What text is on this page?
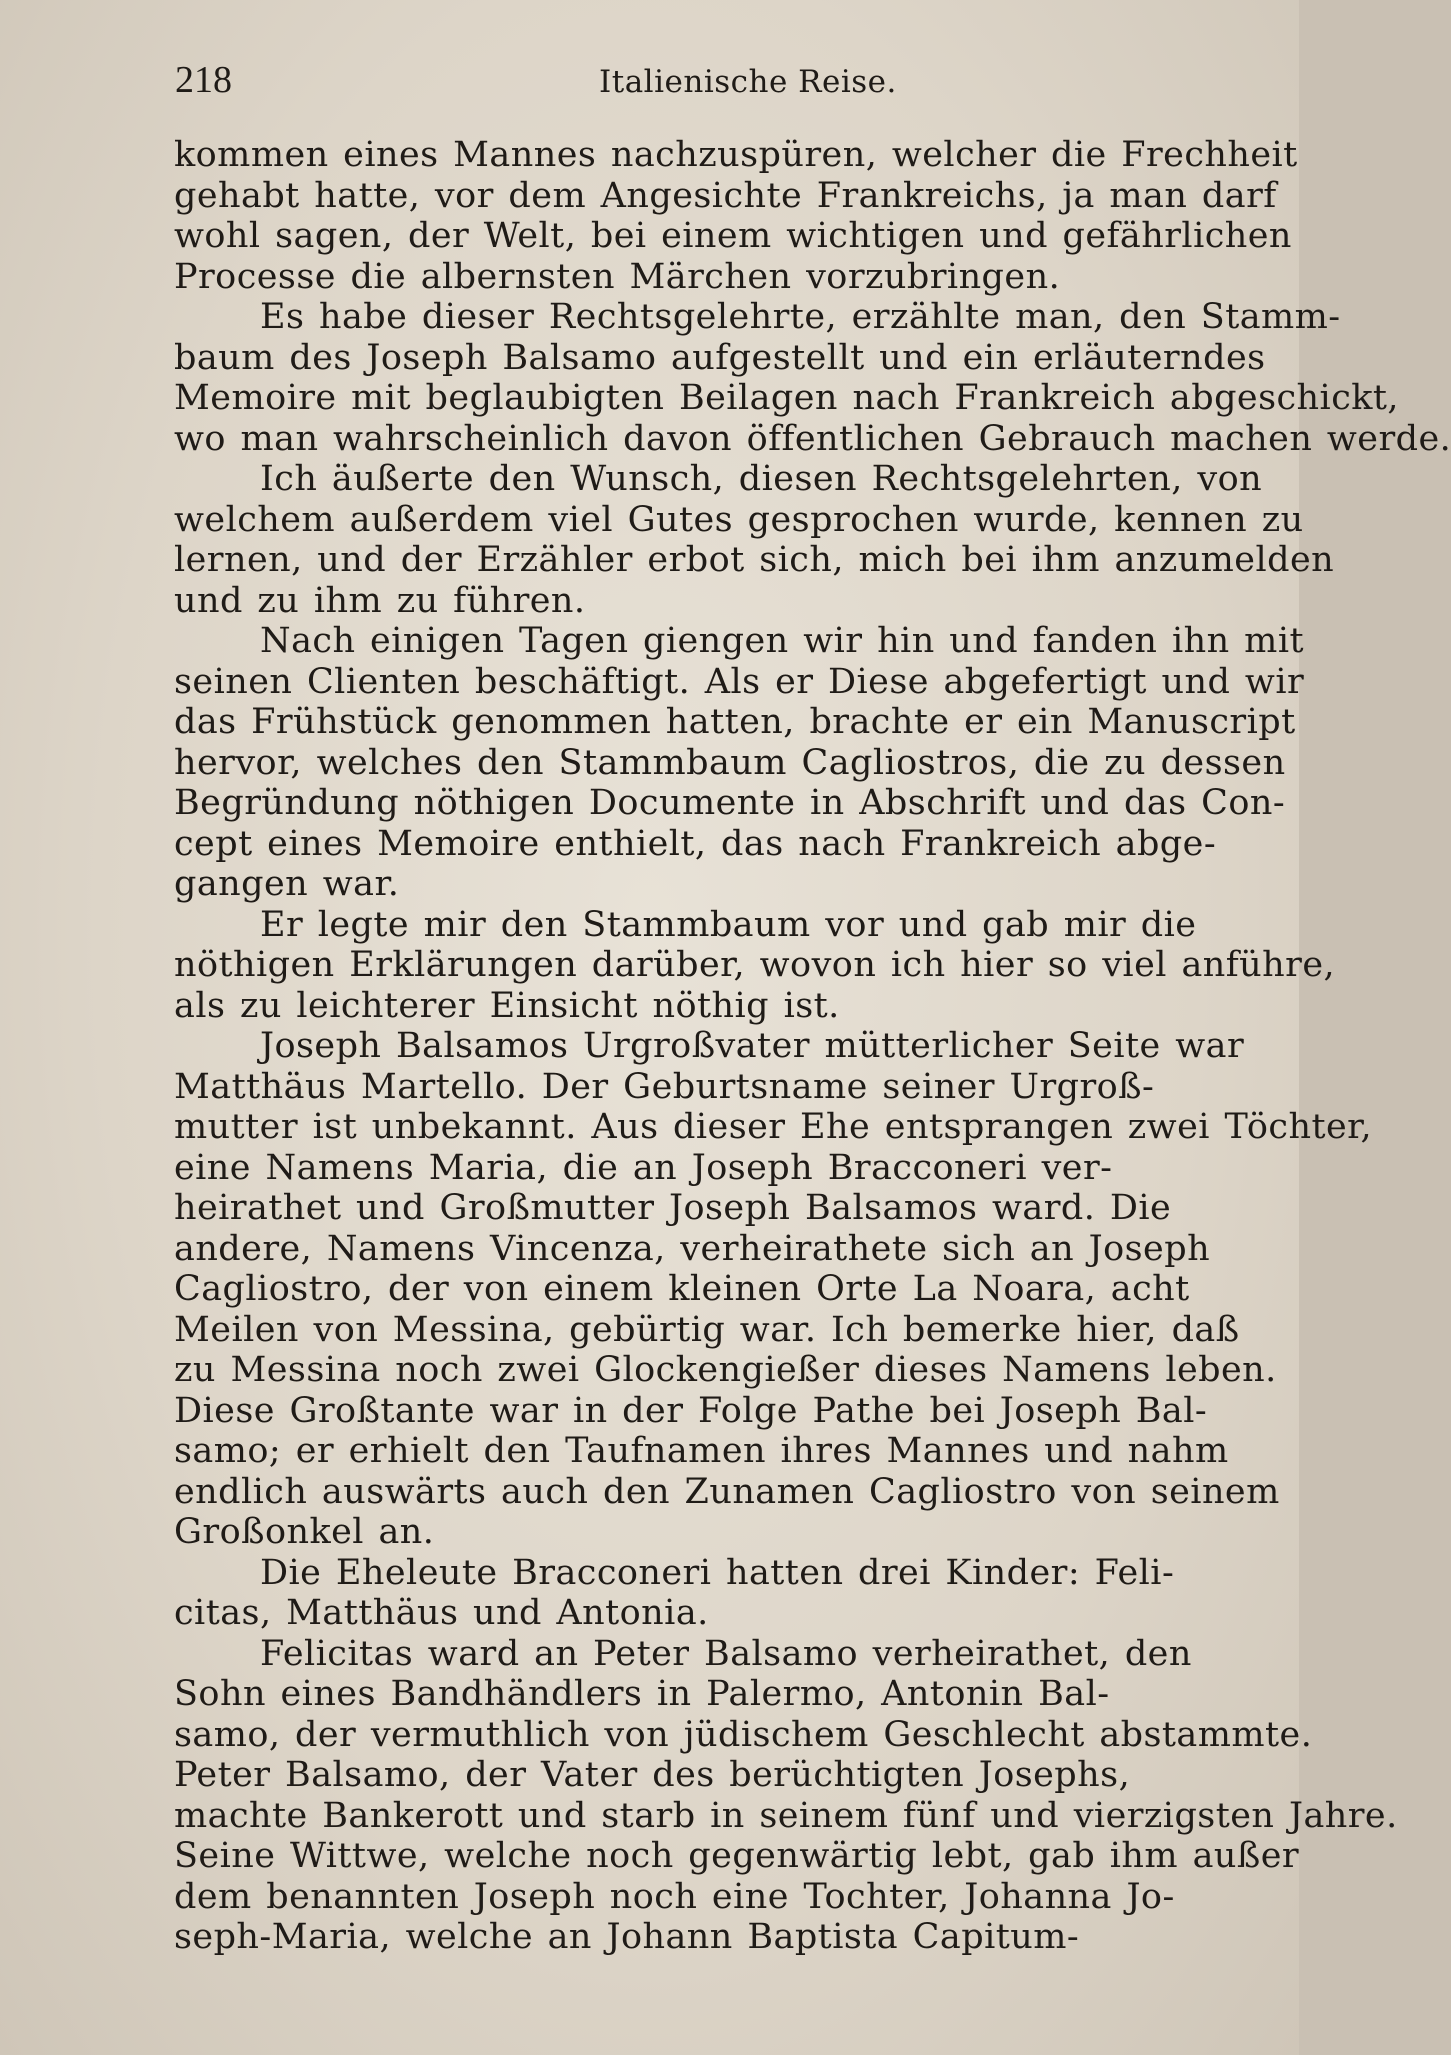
218	Italienische Reise.
kommen eines Mannes nachzuspüren, welcher die Frechheit
gehabt hatte, vor dem Angesichte Frankreichs, ja man darf
wohl sagen, der Welt, bei einem wichtigen und gefährlichen
Processe die albernsten Märchen vorzubringen.
Es habe dieser Rechtsgelehrte, erzählte man, den Stamm-
baum des Joseph Balsamo aufgestellt und ein erläuterndes
Memoire mit beglaubigten Beilagen nach Frankreich abgeschickt,
wo man wahrscheinlich davon öffentlichen Gebrauch machen werde.
Ich äußerte den Wunsch, diesen Rechtsgelehrten, von
welchem außerdem viel Gutes gesprochen wurde, kennen zu
lernen, und der Erzähler erbot sich, mich bei ihm anzumelden
und zu ihm zu führen.
Nach einigen Tagen giengen wir hin und fanden ihn mit
seinen Clienten beschäftigt. Als er Diese abgefertigt und wir
das Frühstück genommen hatten, brachte er ein Manuscript
hervor, welches den Stammbaum Cagliostros, die zu dessen
Begründung nöthigen Documente in Abschrift und das Con-
cept eines Memoire enthielt, das nach Frankreich abge-
gangen war.
Er legte mir den Stammbaum vor und gab mir die
nöthigen Erklärungen darüber, wovon ich hier so viel anführe,
als zu leichterer Einsicht nöthig ist.
Joseph Balsamos Urgroßvater mütterlicher Seite war
Matthäus Martello. Der Geburtsname seiner Urgroß-
mutter ist unbekannt. Aus dieser Ehe entsprangen zwei Töchter,
eine Namens Maria, die an Joseph Bracconeri ver-
heirathet und Großmutter Joseph Balsamos ward. Die
andere, Namens Vincenza, verheirathete sich an Joseph
Cagliostro, der von einem kleinen Orte La Noara, acht
Meilen von Messina, gebürtig war. Ich bemerke hier, daß
zu Messina noch zwei Glockengießer dieses Namens leben.
Diese Großtante war in der Folge Pathe bei Joseph Bal-
samo; er erhielt den Taufnamen ihres Mannes und nahm
endlich auswärts auch den Zunamen Cagliostro von seinem
Großonkel an.
Die Eheleute Bracconeri hatten drei Kinder: Feli-
citas, Matthäus und Antonia.
Felicitas ward an Peter Balsamo verheirathet, den
Sohn eines Bandhändlers in Palermo, Antonin Bal-
samo, der vermuthlich von jüdischem Geschlecht abstammte.
Peter Balsamo, der Vater des berüchtigten Josephs,
machte Bankerott und starb in seinem fünf und vierzigsten Jahre.
Seine Wittwe, welche noch gegenwärtig lebt, gab ihm außer
dem benannten Joseph noch eine Tochter, Johanna Jo-
seph-Maria, welche an Johann Baptista Capitum-
